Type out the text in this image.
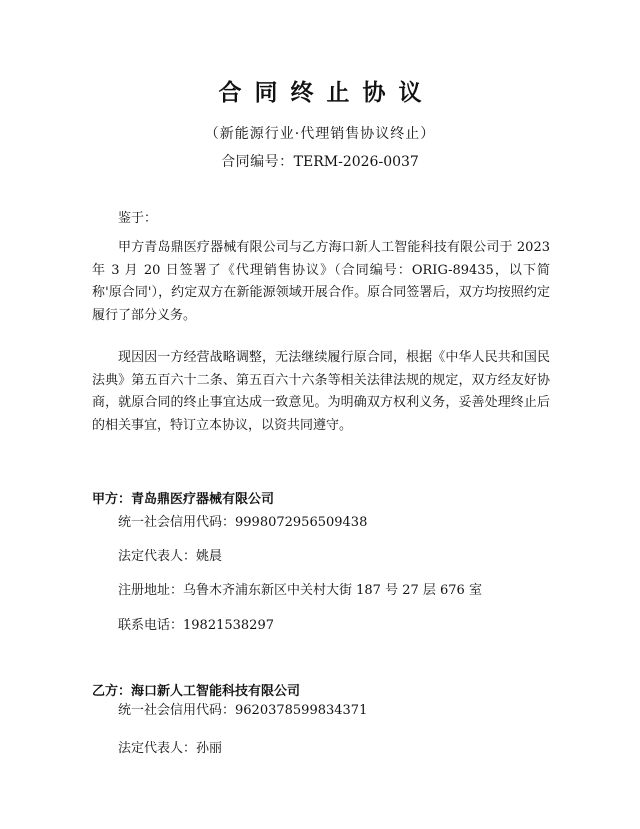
合同终止协议
（新能源行业·代理销售协议终止）
合同编号：TERM-2026-0037
鉴于：

甲方青岛鼎医疗器械有限公司与乙方海口新人工智能科技有限公司于 2023 年 3 月 20 日签署了《代理销售协议》（合同编号：ORIG-89435，以下简称'原合同'），约定双方在新能源领域开展合作。原合同签署后，双方均按照约定履行了部分义务。

现因因一方经营战略调整，无法继续履行原合同，根据《中华人民共和国民法典》第五百六十二条、第五百六十六条等相关法律法规的规定，双方经友好协商，就原合同的终止事宜达成一致意见。为明确双方权利义务，妥善处理终止后的相关事宜，特订立本协议，以资共同遵守。

甲方：青岛鼎医疗器械有限公司
统一社会信用代码：9998072956509438
法定代表人：姚晨
注册地址：乌鲁木齐浦东新区中关村大街 187 号 27 层 676 室
联系电话：19821538297
乙方：海口新人工智能科技有限公司
统一社会信用代码：9620378599834371
法定代表人：孙丽
